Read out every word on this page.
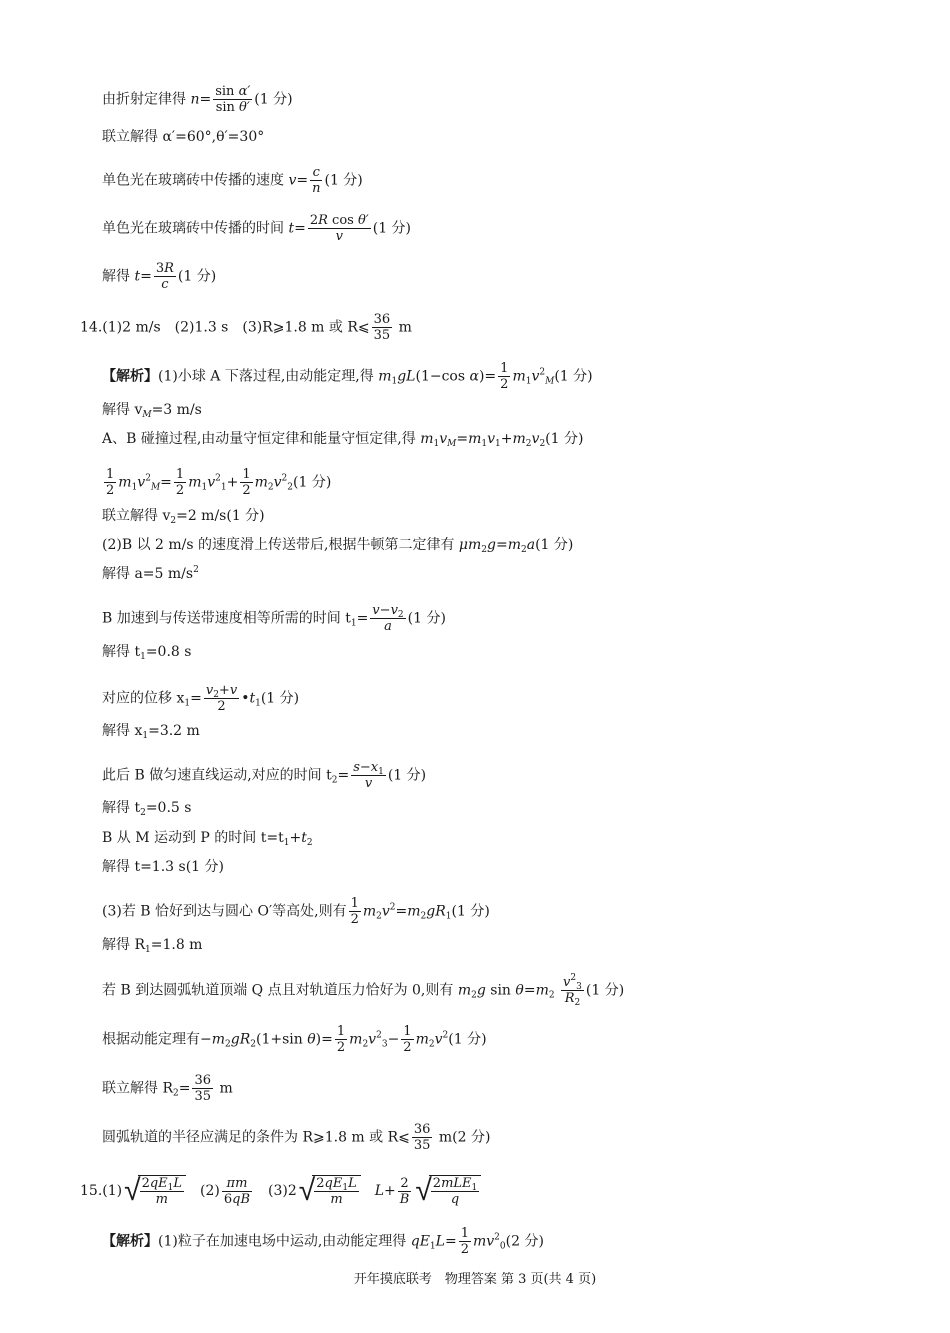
由折射定律得 $n= \frac{\text{sin α′}}{\text{sin θ′}} (1$ 分)
联立解得 α′=60°,θ′=30°
单色光在玻璃砖中传播的速度 $v= \frac{c}{n} (1$ 分)
单色光在玻璃砖中传播的时间 $t= \frac{\text{2R cos θ′}}{v} (1$ 分)
解得 $t= \frac{3R}{c} (1$ 分)
14.(1)2 m/s　(2)1.3 s　(3)R⩾1.8 m 或 R⩽ $\frac{36}{35}$ m
【解析】(1)小球 A 下落过程,由动能定理,得 $m_1gL(1-\cos$ $\alpha)= \frac{1}{2} m_1v^2_M(1$ 分)
解得 $v_M=3$ m/s
A、B 碰撞过程,由动量守恒定律和能量守恒定律,得 $m_1v_M=m_1v_1+m_2v_2(1$ 分)
$\frac{1}{2} m_1v^2_M= \frac{1}{2} m_1v^2_1+ \frac{1}{2} m_2v^2_2(1$ 分)
联立解得 $v_2=2$ m/s(1 分)
(2)B 以 2 m/s 的速度滑上传送带后,根据牛顿第二定律有 $\mu m_2g=m_2a(1$ 分)
解得 a=5 $m/s^2$
B 加速到与传送带速度相等所需的时间 $t_1= \frac{v-v_2}{a} (1$ 分)
解得 $t_1=0.8$ s
对应的位移 $x_1= \frac{v_2+v}{2}$ $•t_1(1$ 分)
解得 $x_1=3.2$ m
此后 B 做匀速直线运动,对应的时间 $t_2= \frac{s-x_1}{v} (1$ 分)
解得 $t_2=0.5$ s
B 从 M 运动到 P 的时间 $t=t_1+t_2$
解得 t=1.3 s(1 分)
(3)若 B 恰好到达与圆心 O′等高处,则有 $\frac{1}{2} m_2v^2=m_2gR_1(1$ 分)
解得 $R_1=1.8$ m
若 B 到达圆弧轨道顶端 Q 点且对轨道压力恰好为 0,则有 $m_2g$ $\sin \theta=m_2 \frac{v^2_3}{R_2} (1$ 分)
根据动能定理有$-m_2gR_2(1+\sin$ $\theta)= \frac{1}{2} m_2v^2_3- \frac{1}{2} m_2v^2(1$ 分)
联立解得 $R_2= \frac{36}{35}$ m
圆弧轨道的半径应满足的条件为 R⩾1.8 m 或 R⩽ $\frac{36}{35} m(2$ 分)
$15.(1)√ \frac{2qE_1L}{m}$ 　$(2) \frac{\pi m}{6qB}$ 　$(3)2√ \frac{2qE_1L}{m}$
　 $L+ \frac{2}{B}$ √ $\frac{2mLE_1}{q}$
【解析】(1)粒子在加速电场中运动,由动能定理得 $qE_1L= \frac{1}{2} mv^2_0(2$ 分)
开年摸底联考　物理答案 第 3 页(共 4 页)
